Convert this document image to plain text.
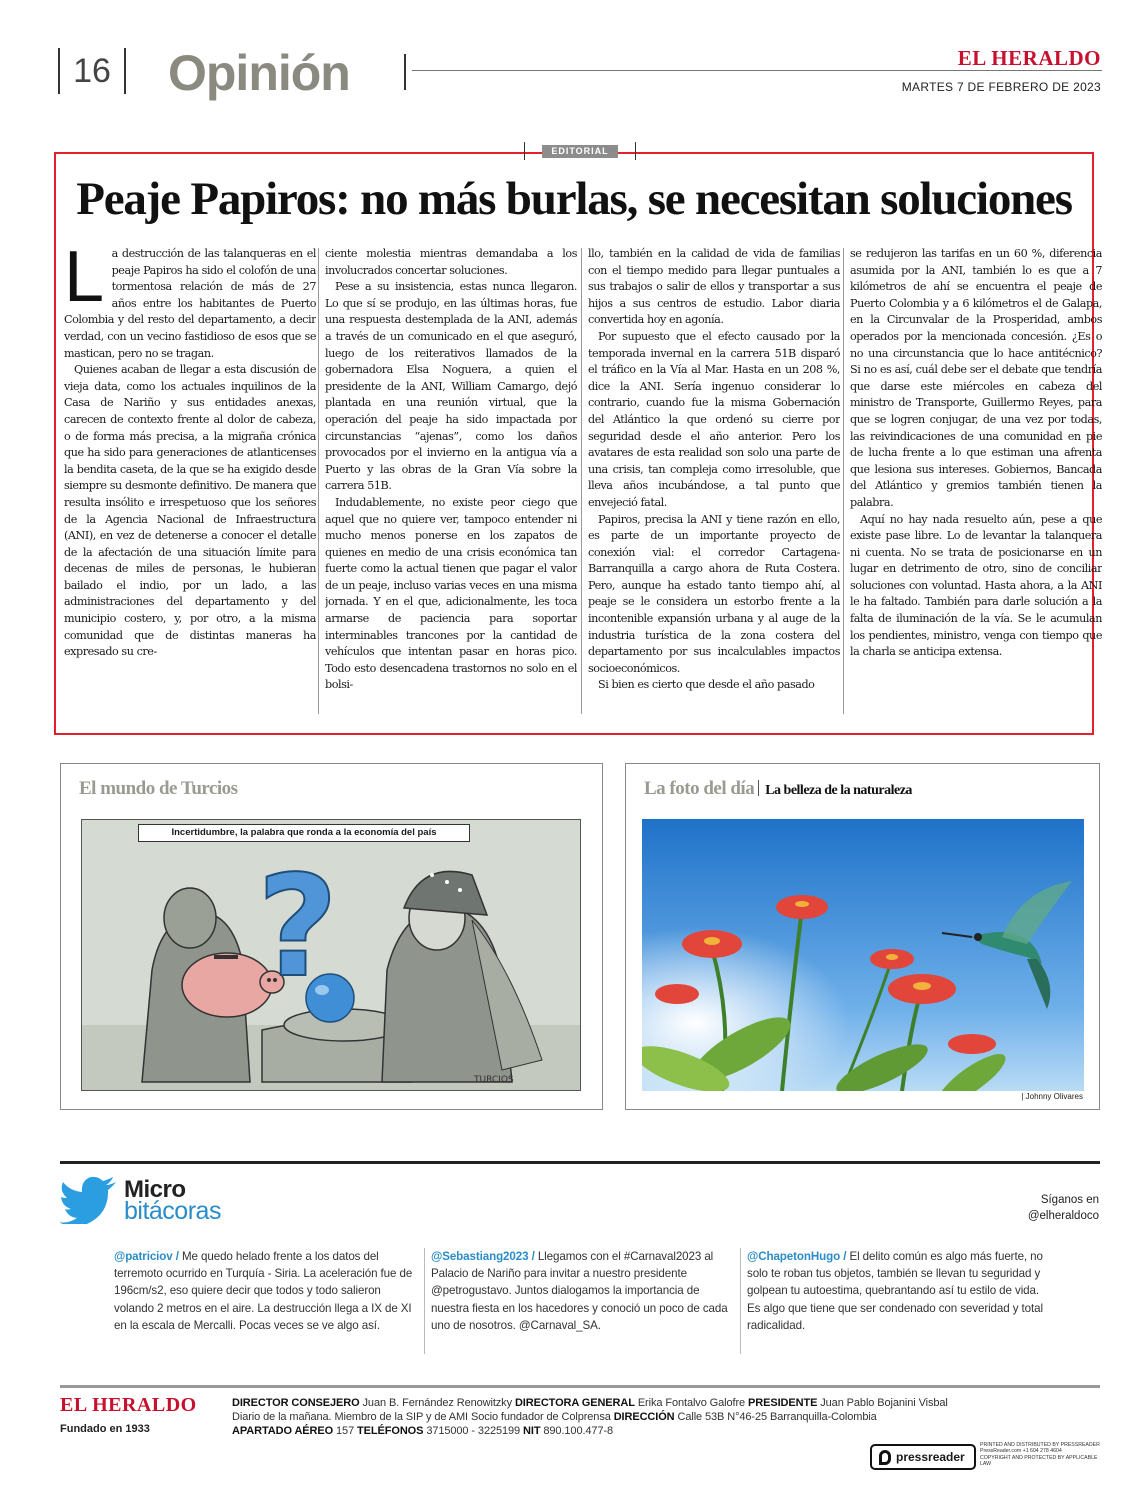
16	Opinión	EL HERALDO
MARTES 7 DE FEBRERO DE 2023
EDITORIAL
Peaje Papiros: no más burlas, se necesitan soluciones
L a destrucción de las talanqueras en el peaje Papiros ha sido el colofón de una tormentosa relación de más de 27 años entre los habitantes de Puerto Colombia y del resto del departamento, a decir verdad, con un vecino fastidioso de esos que se mastican, pero no se tragan.

Quienes acaban de llegar a esta discusión de vieja data, como los actuales inquilinos de la Casa de Nariño y sus entidades anexas, carecen de contexto frente al dolor de cabeza, o de forma más precisa, a la migraña crónica que ha sido para generaciones de atlanticenses la bendita caseta, de la que se ha exigido desde siempre su desmonte definitivo. De manera que resulta insólito e irrespetuoso que los señores de la Agencia Nacional de Infraestructura (ANI), en vez de detenerse a conocer el detalle de la afectación de una situación límite para decenas de miles de personas, le hubieran bailado el indio, por un lado, a las administraciones del departamento y del municipio costero, y, por otro, a la misma comunidad que de distintas maneras ha expresado su cre-

ciente molestia mientras demandaba a los involucrados concertar soluciones.

Pese a su insistencia, estas nunca llegaron. Lo que sí se produjo, en las últimas horas, fue una respuesta destemplada de la ANI, además a través de un comunicado en el que aseguró, luego de los reiterativos llamados de la gobernadora Elsa Noguera, a quien el presidente de la ANI, William Camargo, dejó plantada en una reunión virtual, que la operación del peaje ha sido impactada por circunstancias “ajenas”, como los daños provocados por el invierno en la antigua vía a Puerto y las obras de la Gran Vía sobre la carrera 51B.

Indudablemente, no existe peor ciego que aquel que no quiere ver, tampoco entender ni mucho menos ponerse en los zapatos de quienes en medio de una crisis económica tan fuerte como la actual tienen que pagar el valor de un peaje, incluso varias veces en una misma jornada. Y en el que, adicionalmente, les toca armarse de paciencia para soportar interminables trancones por la cantidad de vehículos que intentan pasar en horas pico. Todo esto desencadena trastornos no solo en el bolsi-

llo, también en la calidad de vida de familias con el tiempo medido para llegar puntuales a sus trabajos o salir de ellos y transportar a sus hijos a sus centros de estudio. Labor diaria convertida hoy en agonía.

Por supuesto que el efecto causado por la temporada invernal en la carrera 51B disparó el tráfico en la Vía al Mar. Hasta en un 208 %, dice la ANI. Sería ingenuo considerar lo contrario, cuando fue la misma Gobernación del Atlántico la que ordenó su cierre por seguridad desde el año anterior. Pero los avatares de esta realidad son solo una parte de una crisis, tan compleja como irresoluble, que lleva años incubándose, a tal punto que envejeció fatal.

Papiros, precisa la ANI y tiene razón en ello, es parte de un importante proyecto de conexión vial: el corredor Cartagena-Barranquilla a cargo ahora de Ruta Costera. Pero, aunque ha estado tanto tiempo ahí, al peaje se le considera un estorbo frente a la incontenible expansión urbana y al auge de la industria turística de la zona costera del departamento por sus incalculables impactos socioeconómicos.

Si bien es cierto que desde el año pasado

se redujeron las tarifas en un 60 %, diferencia asumida por la ANI, también lo es que a 7 kilómetros de ahí se encuentra el peaje de Puerto Colombia y a 6 kilómetros el de Galapa, en la Circunvalar de la Prosperidad, ambos operados por la mencionada concesión. ¿Es o no una circunstancia que lo hace antitécnico? Si no es así, cuál debe ser el debate que tendría que darse este miércoles en cabeza del ministro de Transporte, Guillermo Reyes, para que se logren conjugar, de una vez por todas, las reivindicaciones de una comunidad en pie de lucha frente a lo que estiman una afrenta que lesiona sus intereses. Gobiernos, Bancada del Atlántico y gremios también tienen la palabra.

Aquí no hay nada resuelto aún, pese a que existe pase libre. Lo de levantar la talanquera ni cuenta. No se trata de posicionarse en un lugar en detrimento de otro, sino de conciliar soluciones con voluntad. Hasta ahora, a la ANI le ha faltado. También para darle solución a la falta de iluminación de la vía. Se le acumulan los pendientes, ministro, venga con tiempo que la charla se anticipa extensa.

El mundo de Turcios
?
TURCIOS
Incertidumbre, la palabra que ronda a la economía del país
La foto del día La belleza de la naturaleza
| Johnny Olivares
Micro
bitácoras	Síganos en
@elheraldoco
@patriciov / Me quedo helado frente a los datos del terremoto ocurrido en Turquía - Siria. La aceleración fue de 196cm/s2, eso quiere decir que todos y todo salieron volando 2 metros en el aire. La destrucción llega a IX de XI en la escala de Mercalli. Pocas veces se ve algo así.
@Sebastiang2023 / Llegamos con el #Carnaval2023 al Palacio de Nariño para invitar a nuestro presidente @petrogustavo. Juntos dialogamos la importancia de nuestra fiesta en los hacedores y conoció un poco de cada uno de nosotros. @Carnaval_SA.
@ChapetonHugo / El delito común es algo más fuerte, no solo te roban tus objetos, también se llevan tu seguridad y golpean tu autoestima, quebrantando así tu estilo de vida. Es algo que tiene que ser condenado con severidad y total radicalidad.
EL HERALDO
Fundado en 1933
DIRECTOR CONSEJERO Juan B. Fernández Renowitzky DIRECTORA GENERAL Erika Fontalvo Galofre PRESIDENTE Juan Pablo Bojanini Visbal
Diario de la mañana. Miembro de la SIP y de AMI Socio fundador de Colprensa DIRECCIÓN Calle 53B N°46-25 Barranquilla-Colombia
APARTADO AÉREO 157 TELÉFONOS 3715000 - 3225199 NIT 890.100.477-8
pressreader
PRINTED AND DISTRIBUTED BY PRESSREADER
PressReader.com +1 604 278 4604
COPYRIGHT AND PROTECTED BY APPLICABLE LAW
